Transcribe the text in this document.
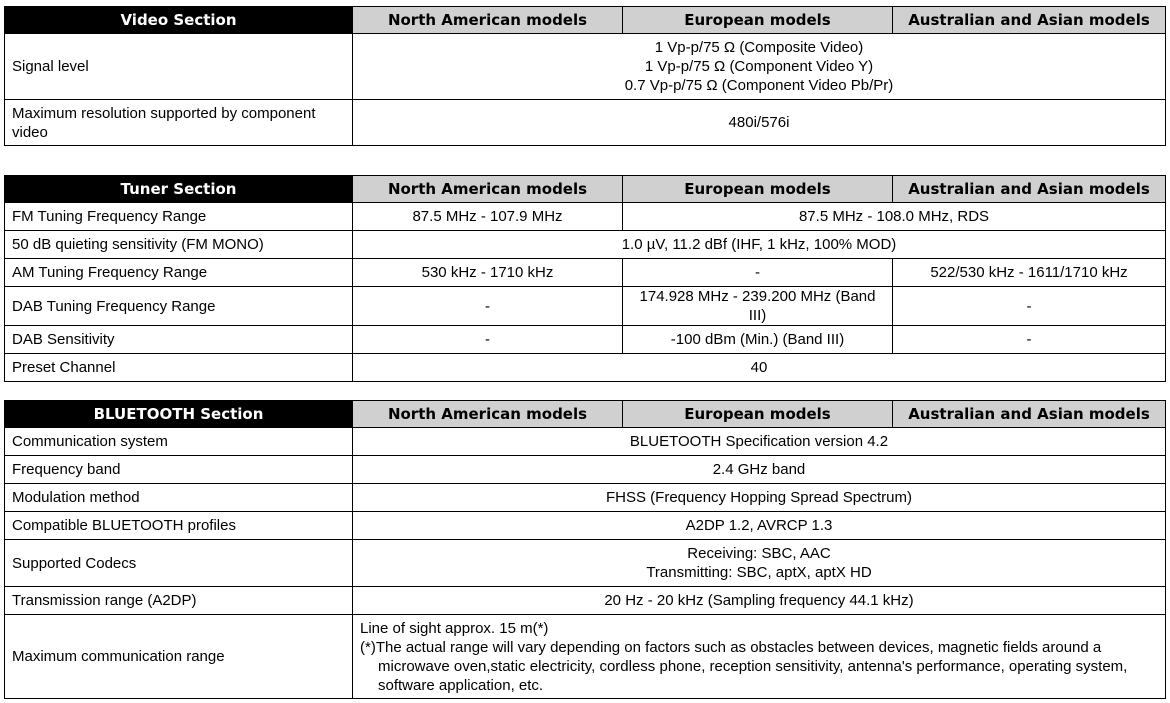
Video Section	North American models	European models	Australian and Asian models
Signal level	1 Vp-p/75 Ω (Composite Video)
1 Vp-p/75 Ω (Component Video Y)
0.7 Vp-p/75 Ω (Component Video Pb/Pr)		

Maximum resolution supported by component video	480i/576i		
Tuner Section	North American models	European models	Australian and Asian models
FM Tuning Frequency Range	87.5 MHz - 107.9 MHz	87.5 MHz - 108.0 MHz, RDS	
50 dB quieting sensitivity (FM MONO)	1.0 µV, 11.2 dBf (IHF, 1 kHz, 100% MOD)		
AM Tuning Frequency Range	530 kHz - 1710 kHz	-	522/530 kHz - 1611/1710 kHz
DAB Tuning Frequency Range	-	174.928 MHz - 239.200 MHz (Band III)	-
DAB Sensitivity	-	-100 dBm (Min.) (Band III)	-
Preset Channel	40		
BLUETOOTH Section	North American models	European models	Australian and Asian models
Communication system	BLUETOOTH Specification version 4.2		
Frequency band	2.4 GHz band		
Modulation method	FHSS (Frequency Hopping Spread Spectrum)		
Compatible BLUETOOTH profiles	A2DP 1.2, AVRCP 1.3		
Supported Codecs	Receiving: SBC, AAC
Transmitting: SBC, aptX, aptX HD		

Transmission range (A2DP)	20 Hz - 20 kHz (Sampling frequency 44.1 kHz)		
Maximum communication range	Line of sight approx. 15 m(*)
(*)The actual range will vary depending on factors such as obstacles between devices, magnetic fields around a microwave oven,static electricity, cordless phone, reception sensitivity, antenna's performance, operating system, software application, etc.		
